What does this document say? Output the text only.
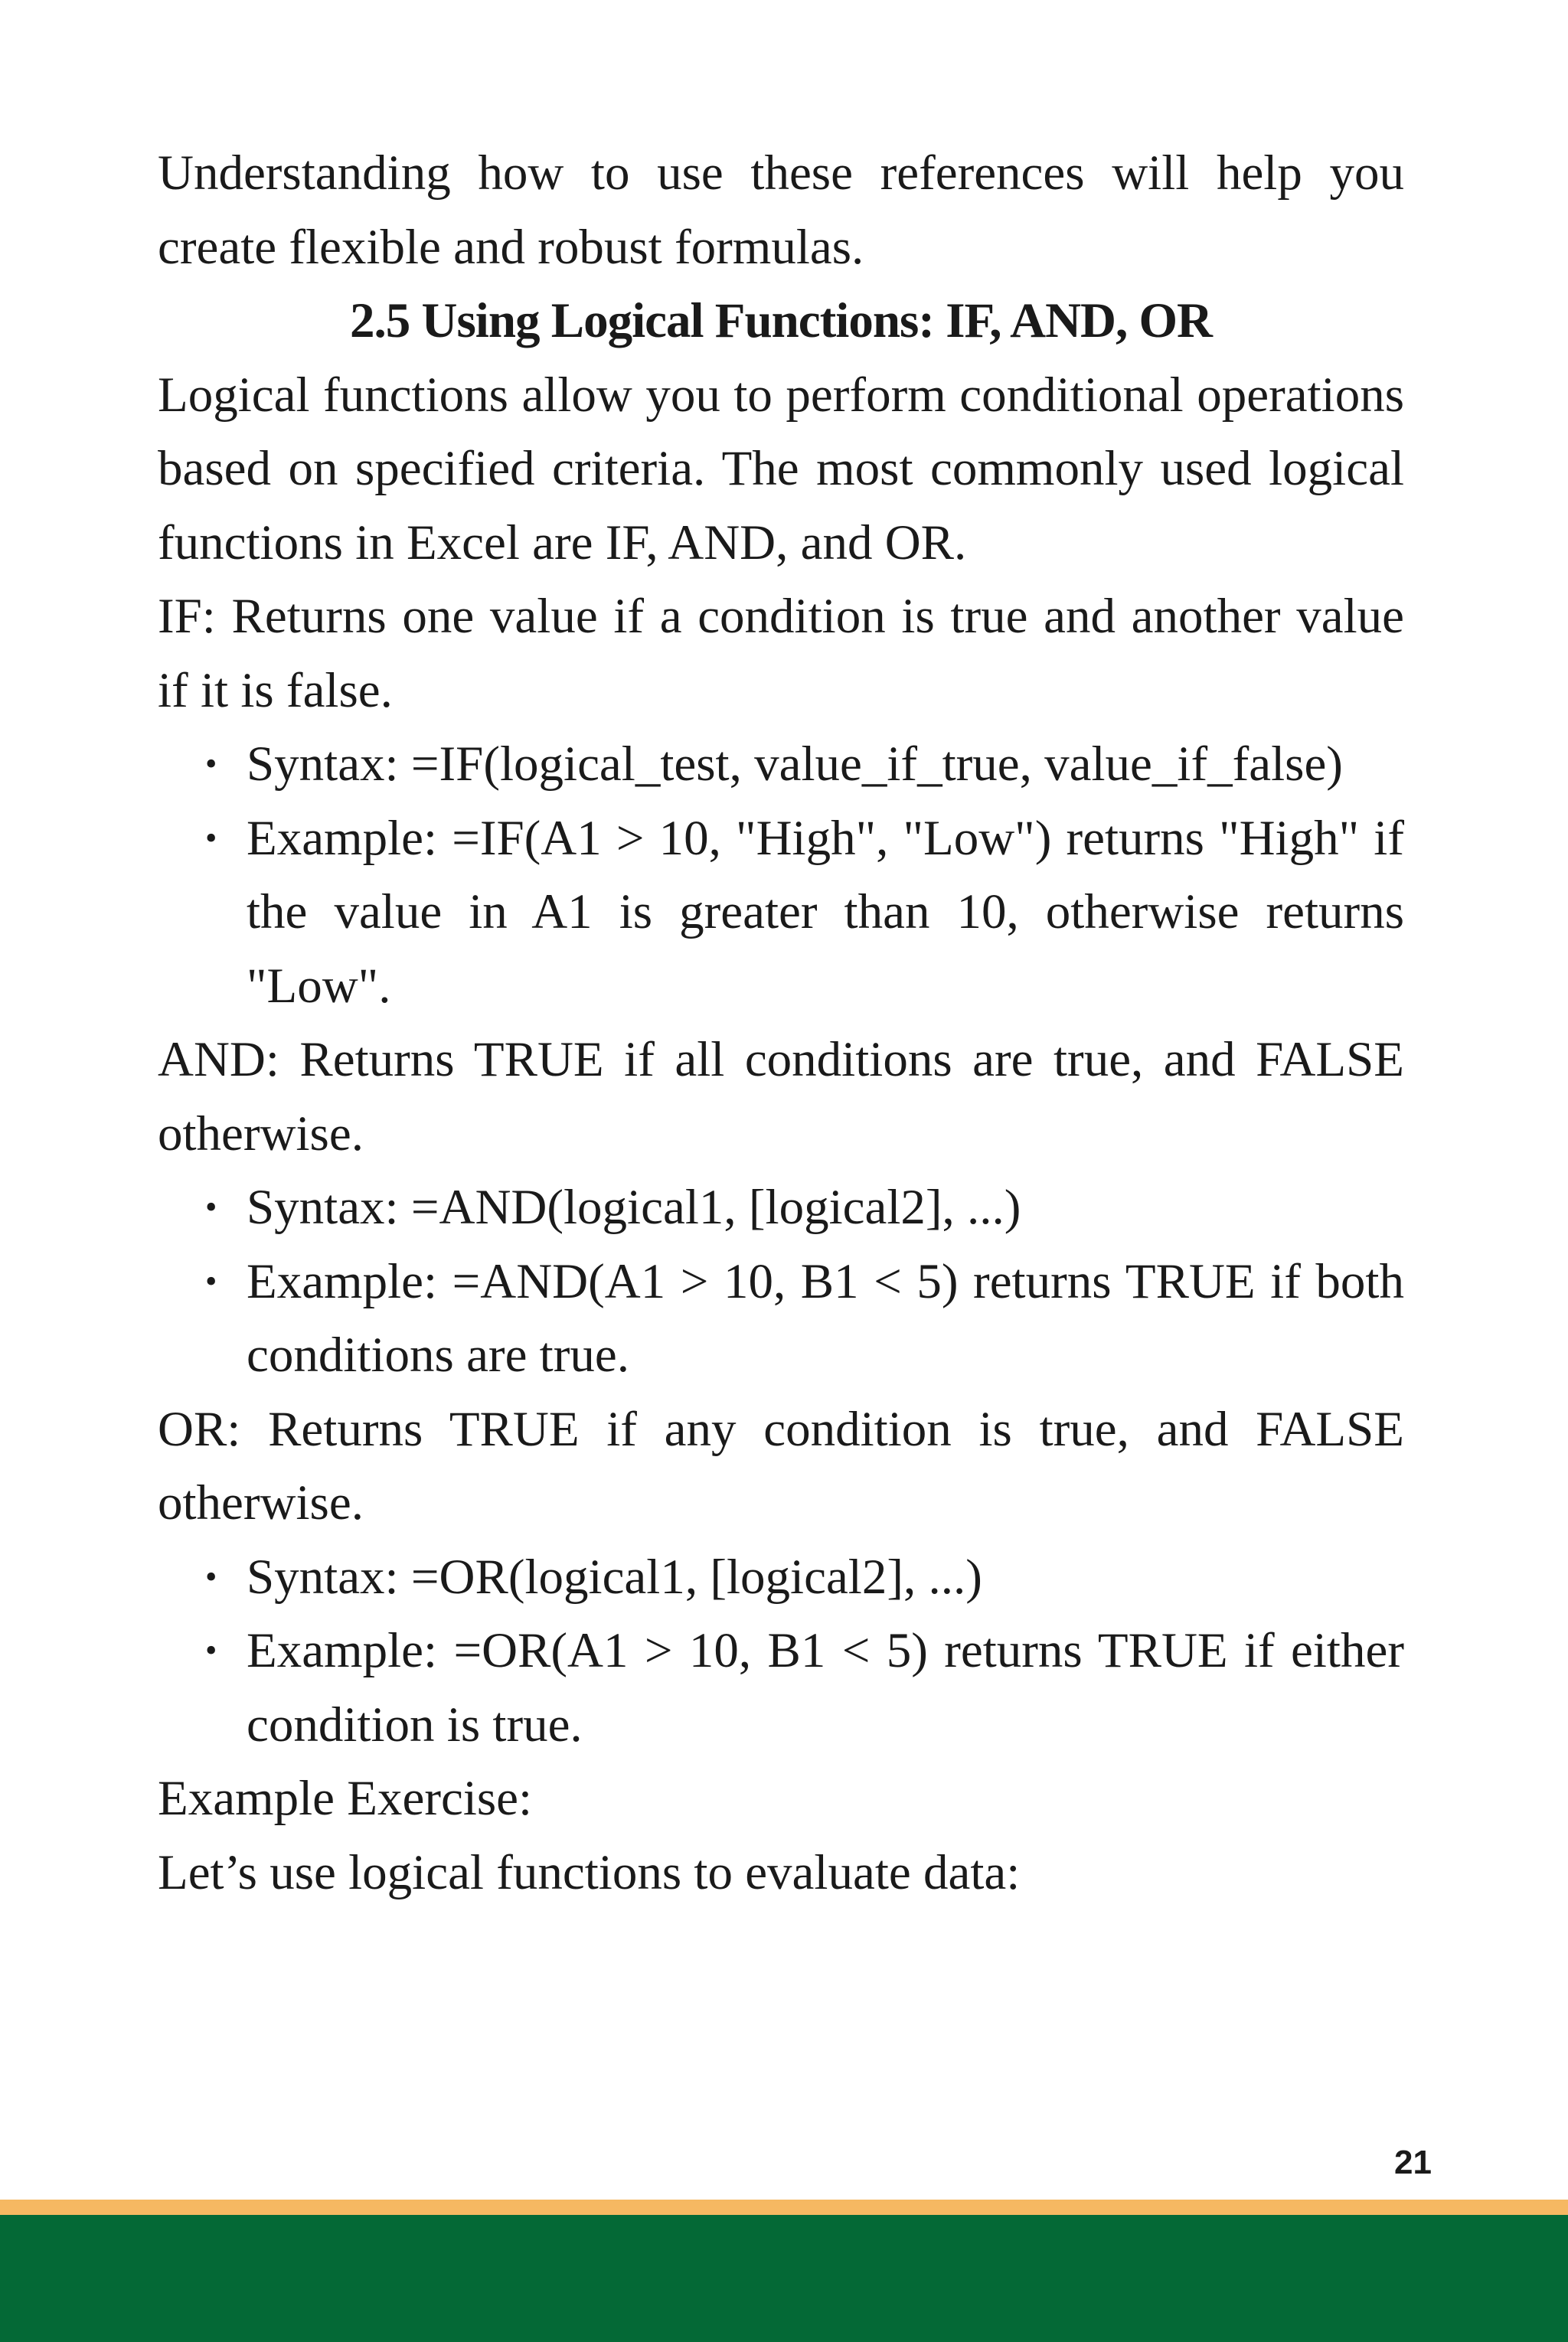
Understanding how to use these references will help you create flexible and robust formulas.

2.5 Using Logical Functions: IF, AND, OR

Logical functions allow you to perform conditional operations based on specified criteria. The most commonly used logical functions in Excel are IF, AND, and OR.

IF: Returns one value if a condition is true and another value if it is false.

• Syntax: =IF(logical_test, value_if_true, value_if_false)
• Example: =IF(A1 > 10, "High", "Low") returns "High" if the value in A1 is greater than 10, otherwise returns "Low".

AND: Returns TRUE if all conditions are true, and FALSE otherwise.

• Syntax: =AND(logical1, [logical2], ...)
• Example: =AND(A1 > 10, B1 < 5) returns TRUE if both conditions are true.

OR: Returns TRUE if any condition is true, and FALSE otherwise.

• Syntax: =OR(logical1, [logical2], ...)
• Example: =OR(A1 > 10, B1 < 5) returns TRUE if either condition is true.

Example Exercise:

Let’s use logical functions to evaluate data:

21
